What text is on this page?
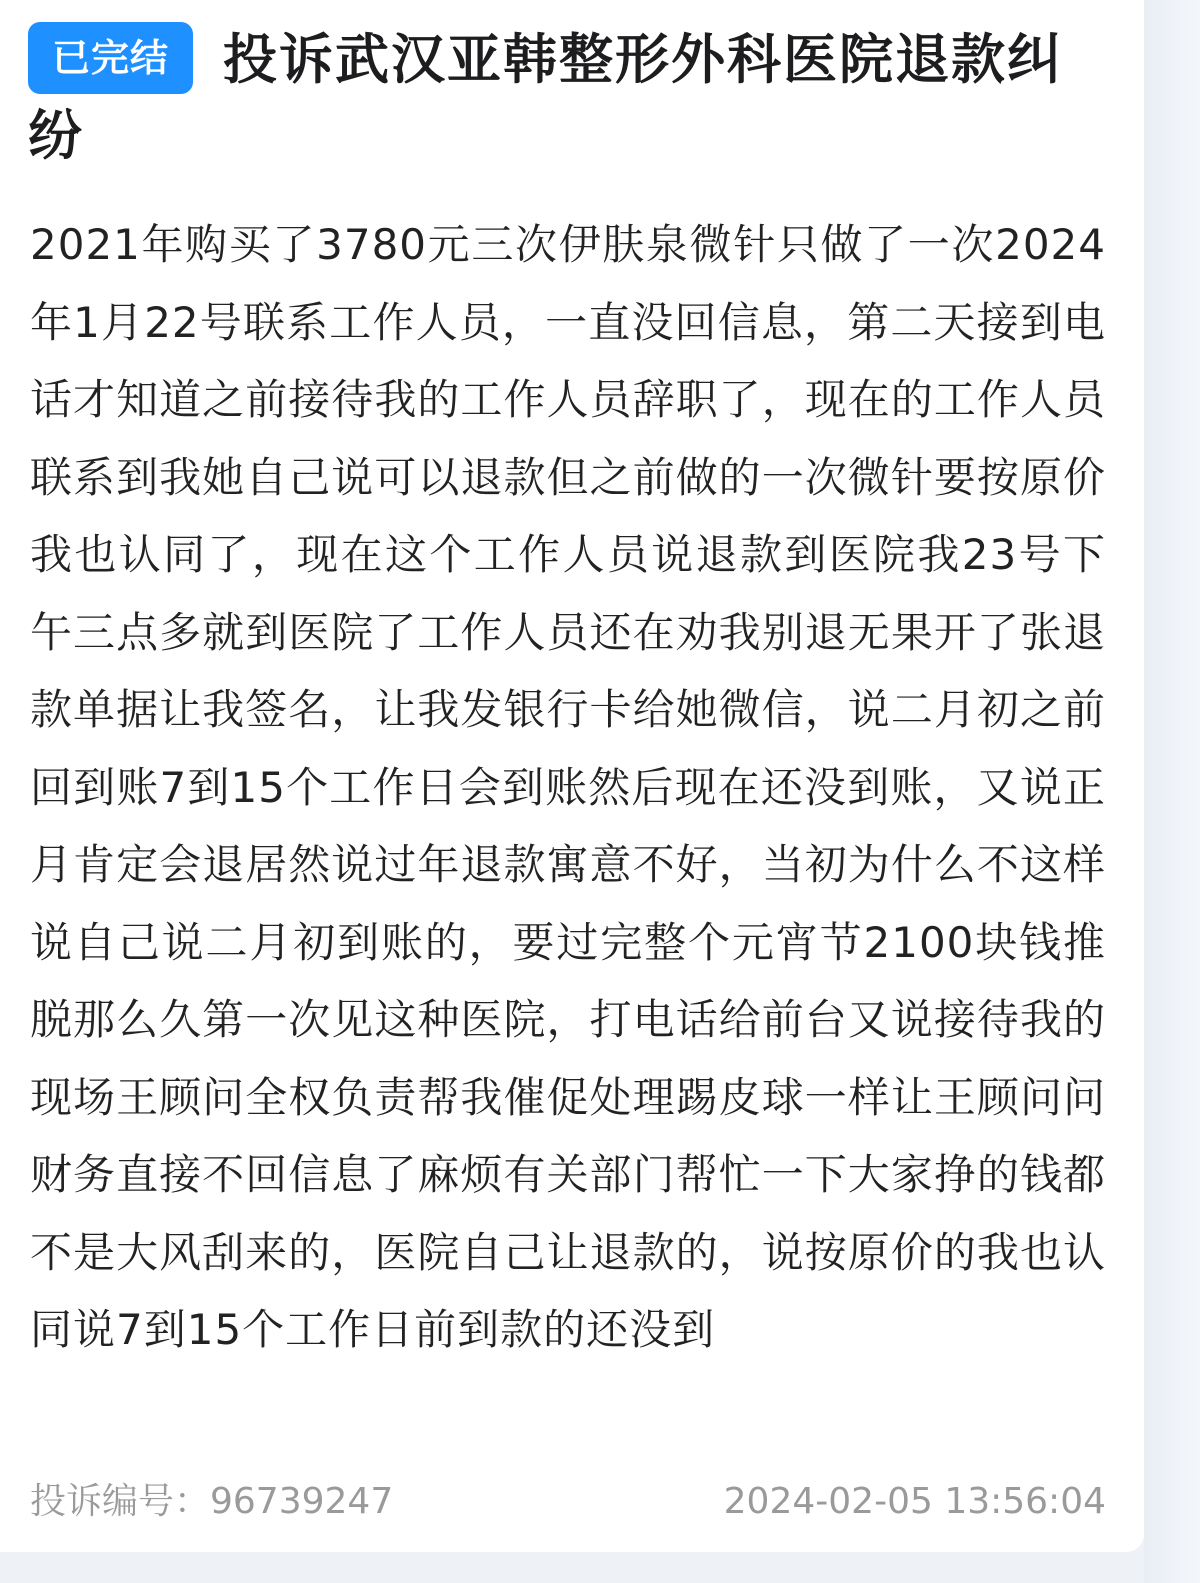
已完结 投诉武汉亚韩整形外科医院退款纠纷
2021年购买了3780元三次伊肤泉微针只做了一次2024年1月22号联系工作人员，一直没回信息，第二天接到电话才知道之前接待我的工作人员辞职了，现在的工作人员联系到我她自己说可以退款但之前做的一次微针要按原价我也认同了，现在这个工作人员说退款到医院我23号下午三点多就到医院了工作人员还在劝我别退无果开了张退款单据让我签名，让我发银行卡给她微信，说二月初之前回到账7到15个工作日会到账然后现在还没到账，又说正月肯定会退居然说过年退款寓意不好，当初为什么不这样说自己说二月初到账的，要过完整个元宵节2100块钱推脱那么久第一次见这种医院，打电话给前台又说接待我的现场王顾问全权负责帮我催促处理踢皮球一样让王顾问问财务直接不回信息了麻烦有关部门帮忙一下大家挣的钱都不是大风刮来的，医院自己让退款的，说按原价的我也认同说7到15个工作日前到款的还没到
投诉编号：96739247	2024-02-05 13:56:04
